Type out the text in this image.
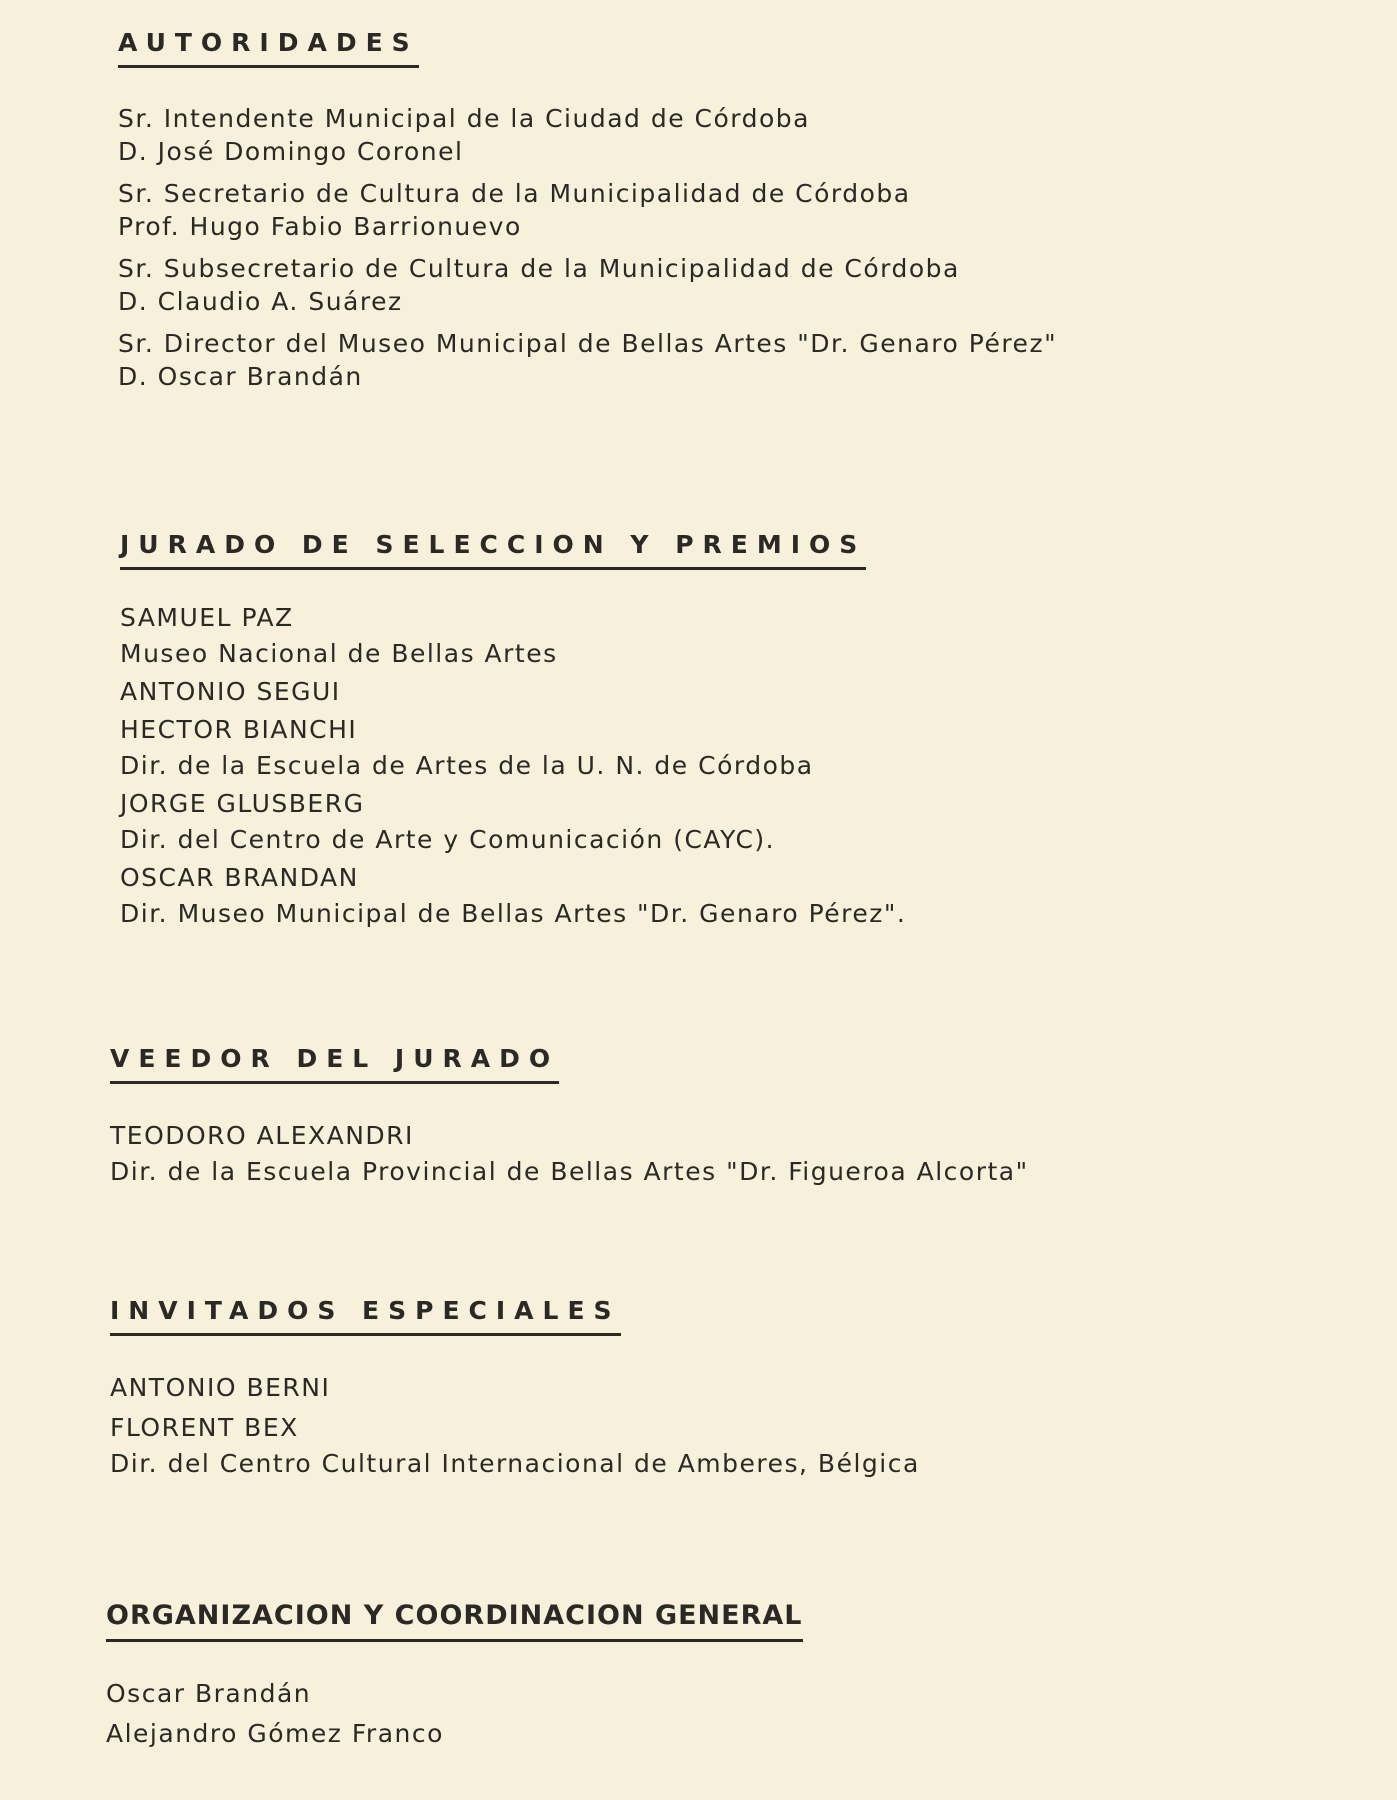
AUTORIDADES
Sr. Intendente Municipal de la Ciudad de Córdoba
D. José Domingo Coronel
Sr. Secretario de Cultura de la Municipalidad de Córdoba
Prof. Hugo Fabio Barrionuevo
Sr. Subsecretario de Cultura de la Municipalidad de Córdoba
D. Claudio A. Suárez
Sr. Director del Museo Municipal de Bellas Artes "Dr. Genaro Pérez"
D. Oscar Brandán
JURADO DE SELECCION Y PREMIOS
SAMUEL PAZ
Museo Nacional de Bellas Artes
ANTONIO SEGUI
HECTOR BIANCHI
Dir. de la Escuela de Artes de la U. N. de Córdoba
JORGE GLUSBERG
Dir. del Centro de Arte y Comunicación (CAYC).
OSCAR BRANDAN
Dir. Museo Municipal de Bellas Artes "Dr. Genaro Pérez".
VEEDOR DEL JURADO
TEODORO ALEXANDRI
Dir. de la Escuela Provincial de Bellas Artes "Dr. Figueroa Alcorta"
INVITADOS ESPECIALES
ANTONIO BERNI
FLORENT BEX
Dir. del Centro Cultural Internacional de Amberes, Bélgica
ORGANIZACION Y COORDINACION GENERAL
Oscar Brandán
Alejandro Gómez Franco
